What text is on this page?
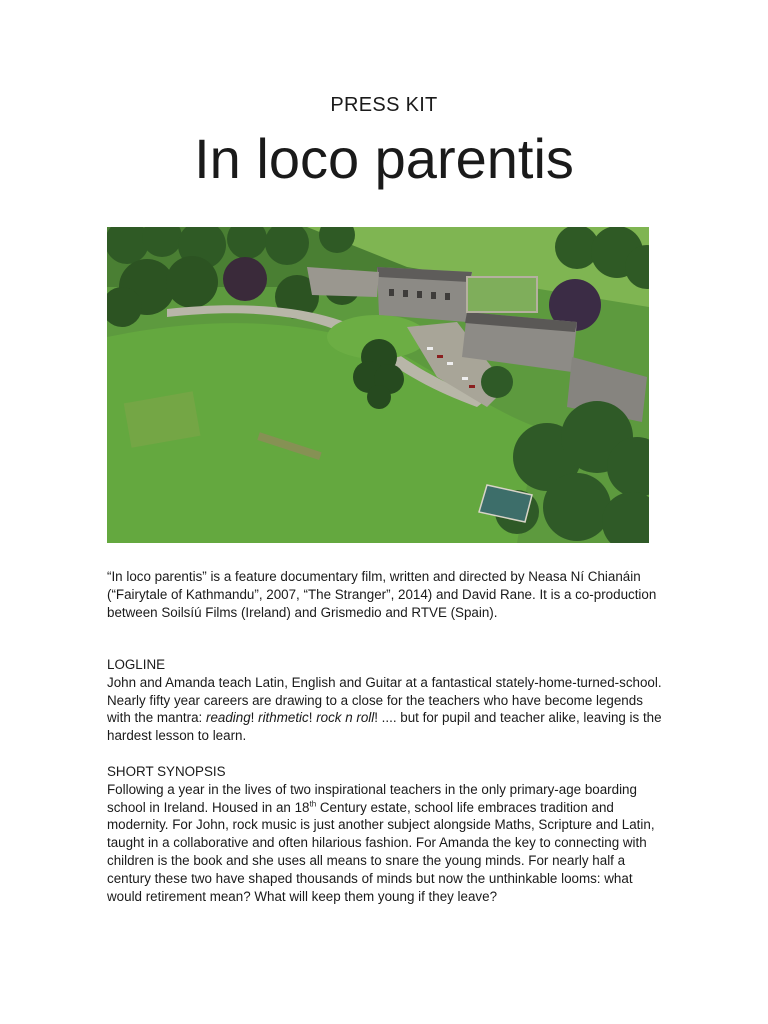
PRESS KIT
In loco parentis

“In loco parentis” is a feature documentary film, written and directed by Neasa Ní Chianáin (“Fairytale of Kathmandu”, 2007, “The Stranger”, 2014) and David Rane. It is a co-production between Soilsíú Films (Ireland) and Grismedio and RTVE (Spain).

LOGLINE

John and Amanda teach Latin, English and Guitar at a fantastical stately-home-turned-school. Nearly fifty year careers are drawing to a close for the teachers who have become legends with the mantra: reading! rithmetic! rock n roll! .... but for pupil and teacher alike, leaving is the hardest lesson to learn.

SHORT SYNOPSIS

Following a year in the lives of two inspirational teachers in the only primary-age boarding school in Ireland. Housed in an 18th Century estate, school life embraces tradition and modernity. For John, rock music is just another subject alongside Maths, Scripture and Latin, taught in a collaborative and often hilarious fashion. For Amanda the key to connecting with children is the book and she uses all means to snare the young minds. For nearly half a century these two have shaped thousands of minds but now the unthinkable looms: what would retirement mean? What will keep them young if they leave?
